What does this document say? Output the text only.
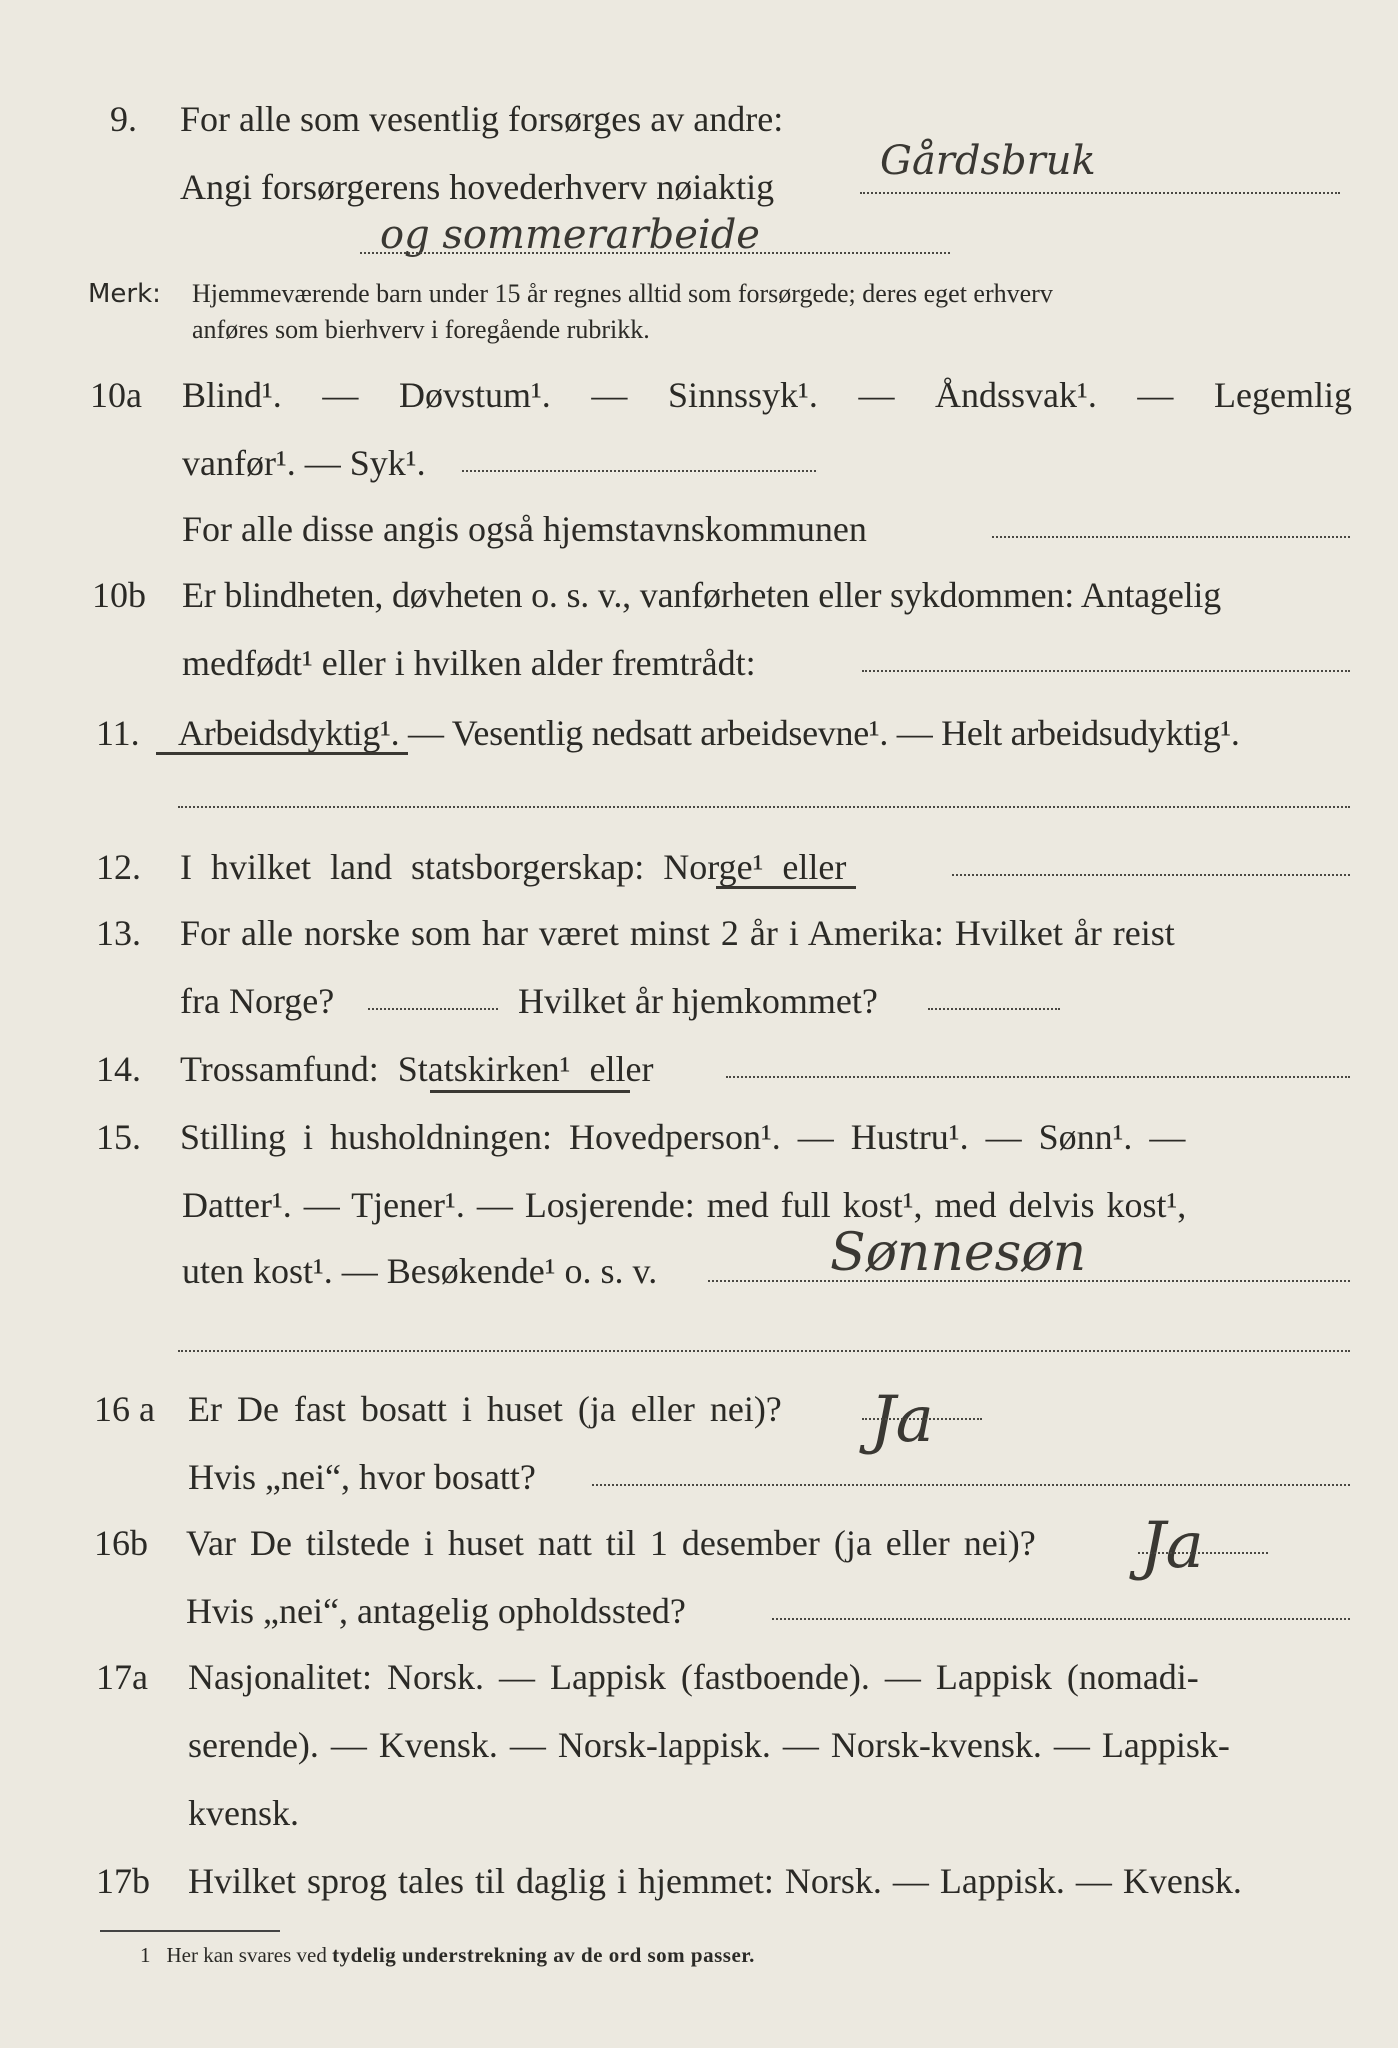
9. For alle som vesentlig forsørges av andre:
Angi forsørgerens hovederhverv nøiaktig
Gårdsbruk
og sommerarbeide
Merk: Hjemmeværende barn under 15 år regnes alltid som forsørgede; deres eget erhverv
anføres som bierhverv i foregående rubrikk.
10a Blind¹. — Døvstum¹. — Sinnssyk¹. — Åndssvak¹. — Legemlig
vanfør¹. — Syk¹.
For alle disse angis også hjemstavnskommunen
10b Er blindheten, døvheten o. s. v., vanførheten eller sykdommen: Antagelig
medfødt¹ eller i hvilken alder fremtrådt:
11. Arbeidsdyktig¹. — Vesentlig nedsatt arbeidsevne¹. — Helt arbeidsudyktig¹.
12. I hvilket land statsborgerskap: Norge¹ eller
13. For alle norske som har været minst 2 år i Amerika: Hvilket år reist
fra Norge?	Hvilket år hjemkommet?
14. Trossamfund: Statskirken¹ eller
15. Stilling i husholdningen: Hovedperson¹. — Hustru¹. — Sønn¹. —
Datter¹. — Tjener¹. — Losjerende: med full kost¹, med delvis kost¹,
uten kost¹. — Besøkende¹ o. s. v.	Sønnesøn
16 a Er De fast bosatt i huset (ja eller nei)? Ja
Hvis „nei“, hvor bosatt?
16b Var De tilstede i huset natt til 1 desember (ja eller nei)? Ja
Hvis „nei“, antagelig opholdssted?
17a Nasjonalitet: Norsk. — Lappisk (fastboende). — Lappisk (nomadi-
serende). — Kvensk. — Norsk-lappisk. — Norsk-kvensk. — Lappisk-
kvensk.
17b Hvilket sprog tales til daglig i hjemmet: Norsk. — Lappisk. — Kvensk.
1 Her kan svares ved tydelig understrekning av de ord som passer.
